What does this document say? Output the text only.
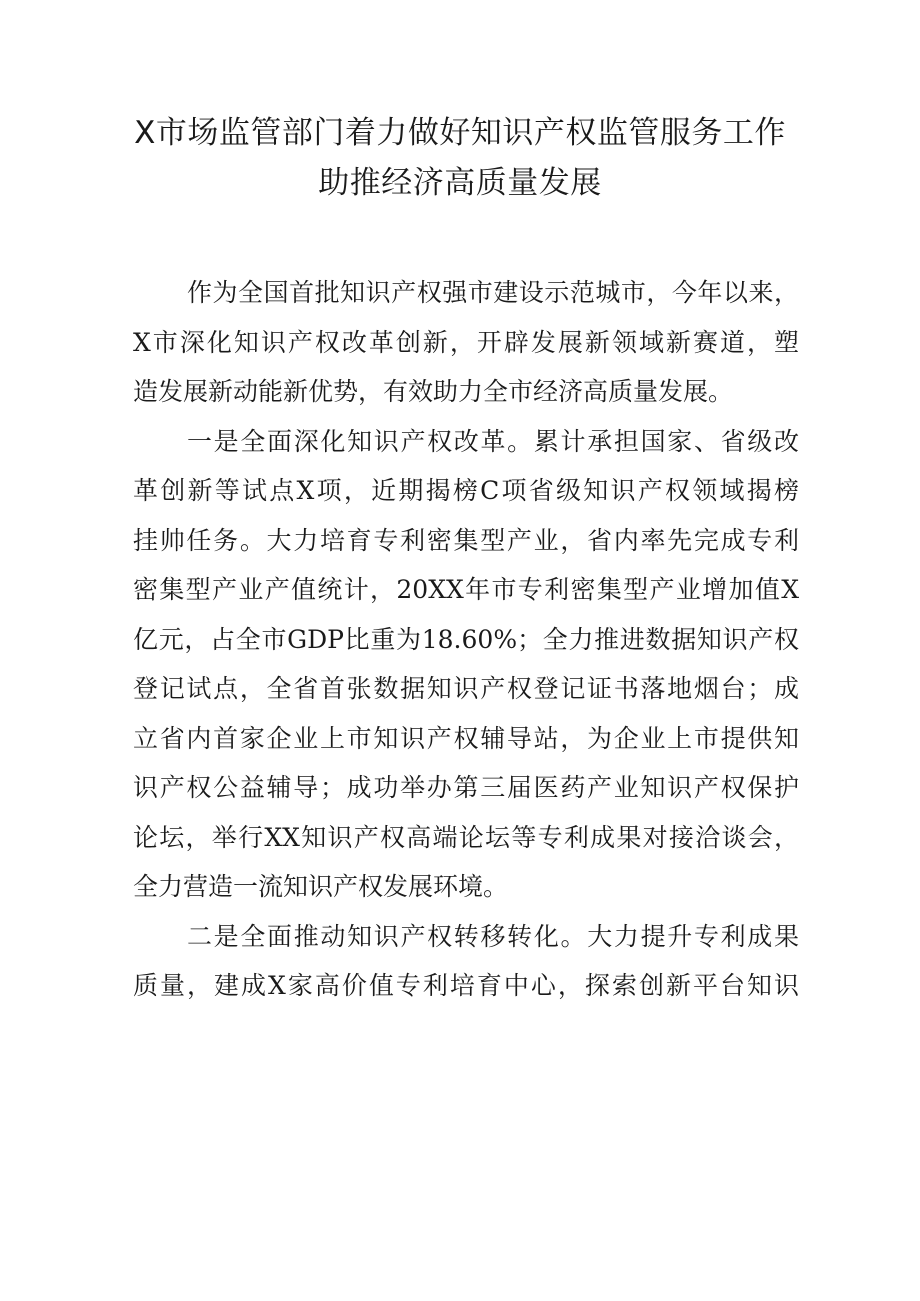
X市场监管部门着力做好知识产权监管服务工作
助推经济高质量发展
作为全国首批知识产权强市建设示范城市，今年以来，
X市深化知识产权改革创新，开辟发展新领域新赛道，塑
造发展新动能新优势，有效助力全市经济高质量发展。
一是全面深化知识产权改革。累计承担国家、省级改
革创新等试点X项，近期揭榜C项省级知识产权领域揭榜
挂帅任务。大力培育专利密集型产业，省内率先完成专利
密集型产业产值统计，20XX年市专利密集型产业增加值X
亿元，占全市GDP比重为18.60%；全力推进数据知识产权
登记试点，全省首张数据知识产权登记证书落地烟台；成
立省内首家企业上市知识产权辅导站，为企业上市提供知
识产权公益辅导；成功举办第三届医药产业知识产权保护
论坛，举行XX知识产权高端论坛等专利成果对接洽谈会，
全力营造一流知识产权发展环境。
二是全面推动知识产权转移转化。大力提升专利成果
质量，建成X家高价值专利培育中心，探索创新平台知识
